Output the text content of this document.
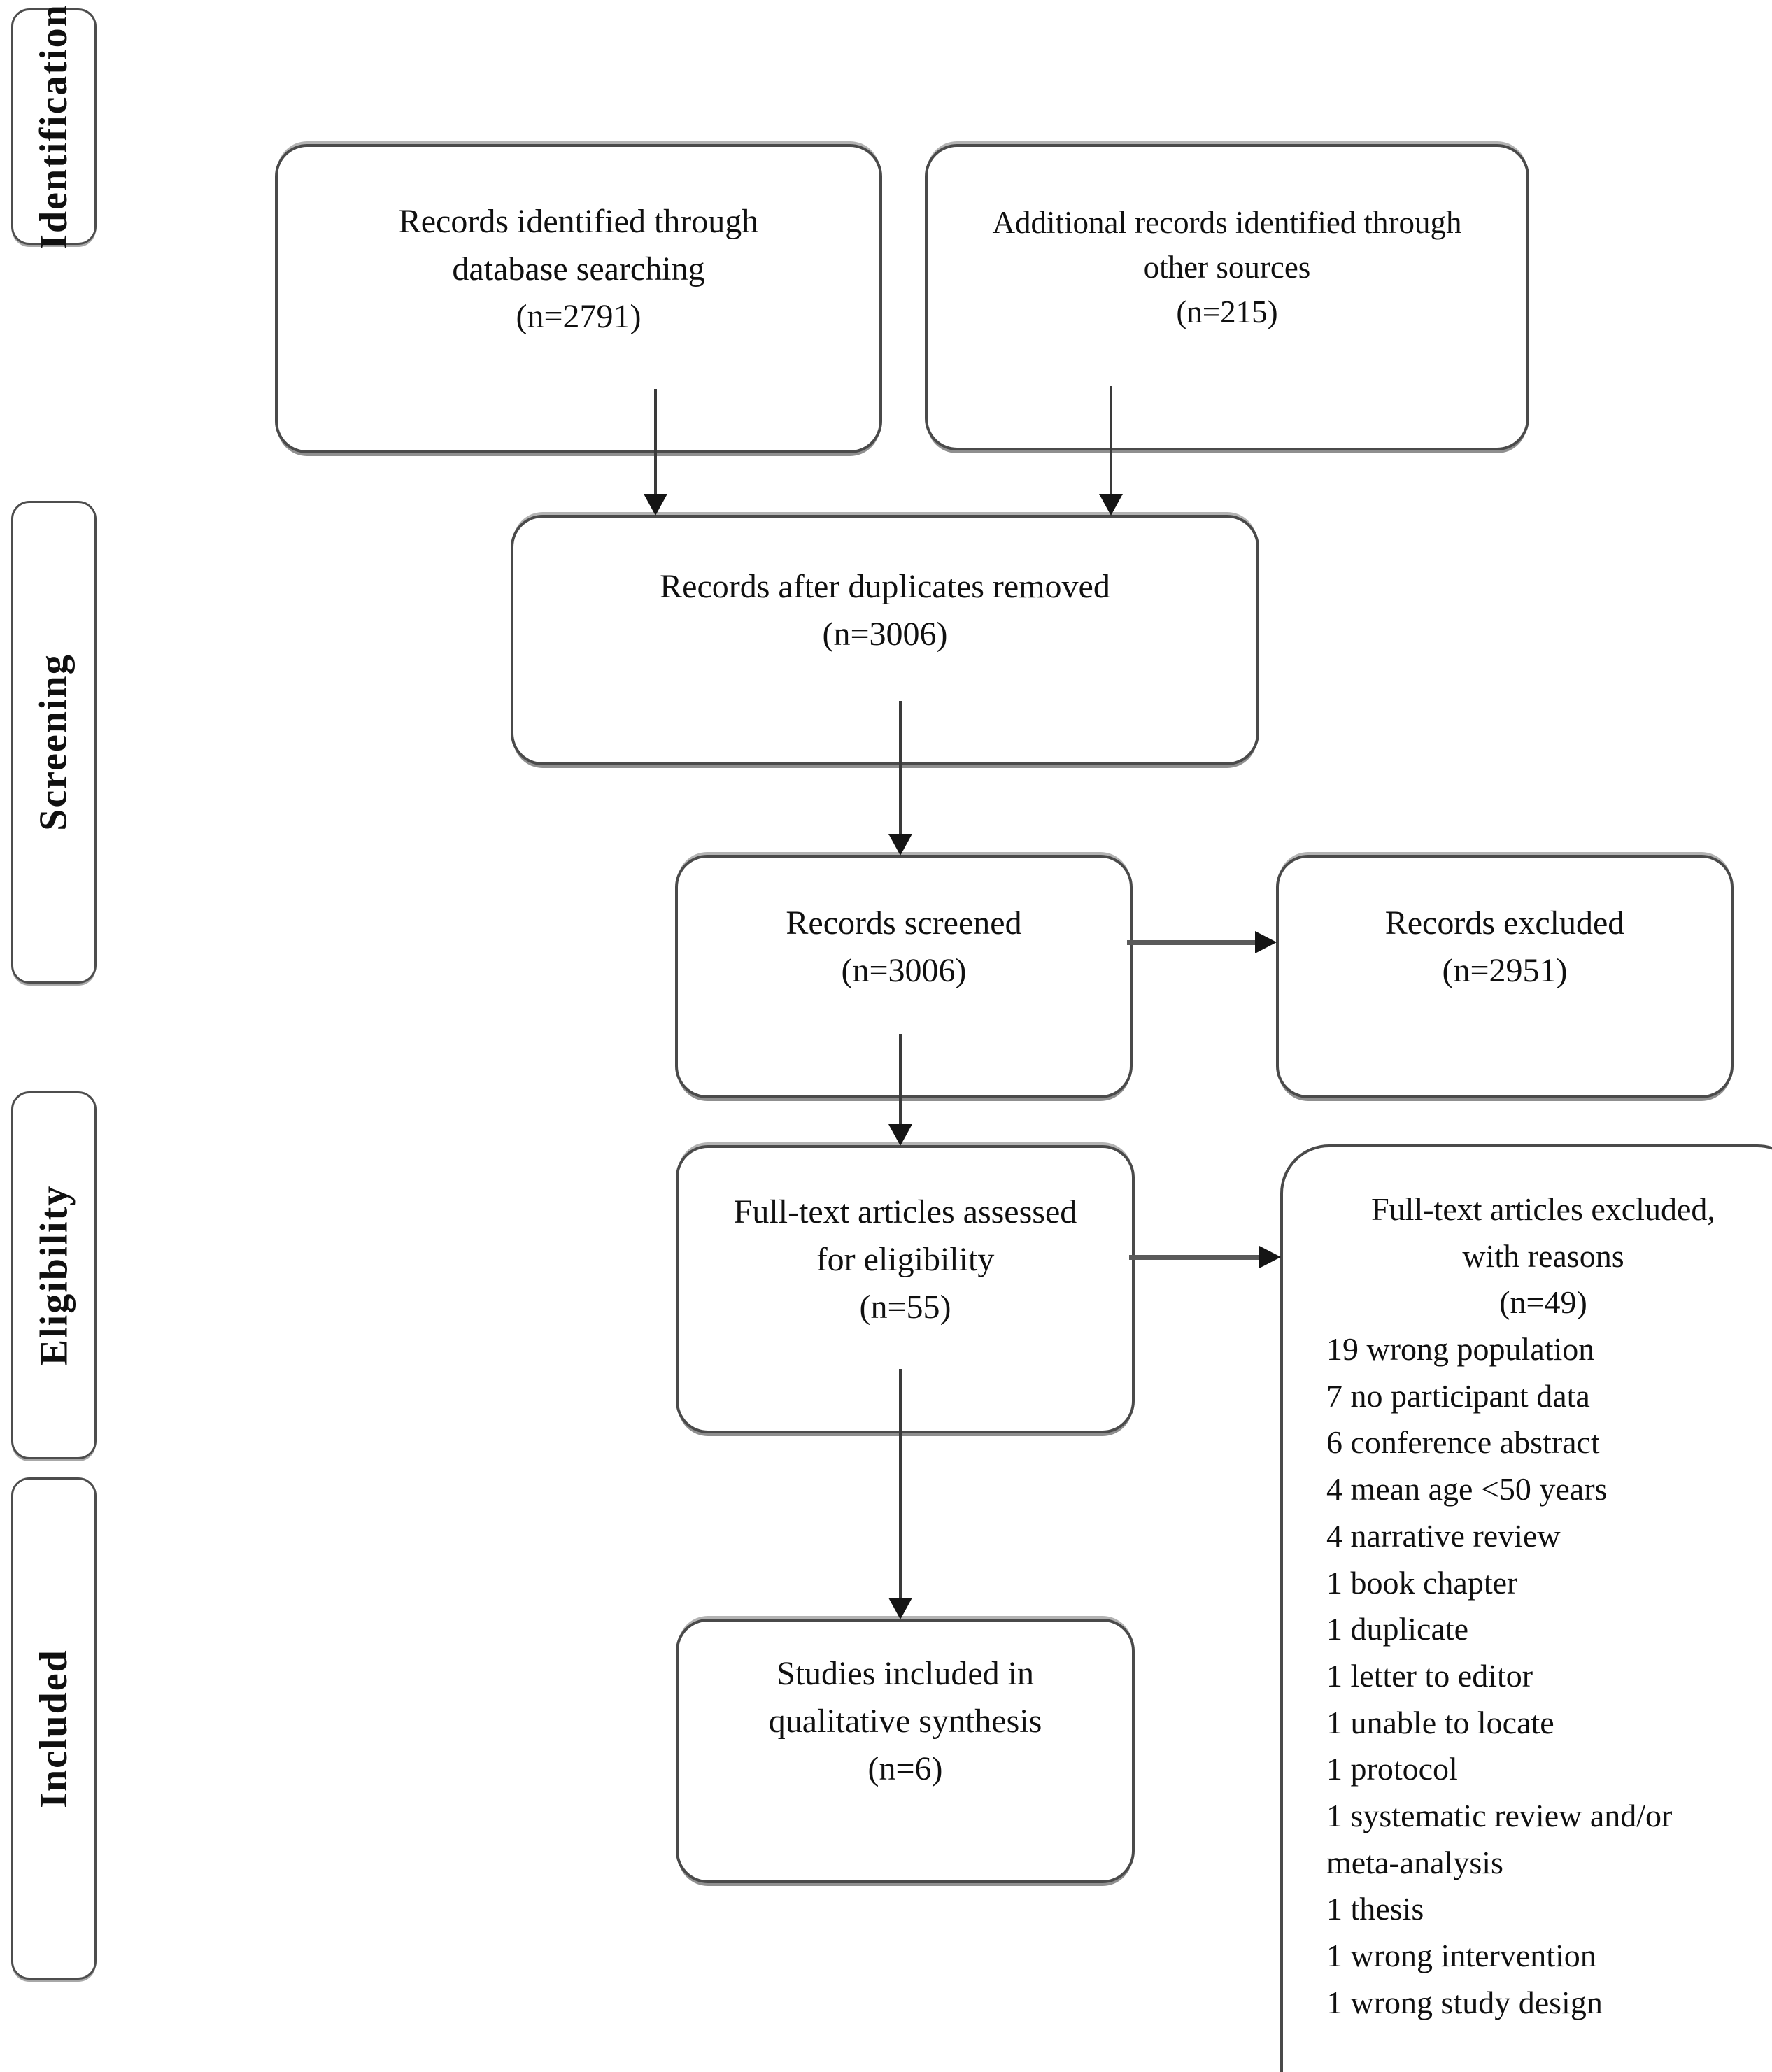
Identification
Screening
Eligibility
Included
Records identified through
database searching
(n=2791)
Additional records identified through
other sources
(n=215)
Records after duplicates removed
(n=3006)
Records screened
(n=3006)
Records excluded
(n=2951)
Full-text articles assessed
for eligibility
(n=55)
Full-text articles excluded,
with reasons
(n=49)
19 wrong population
7 no participant data
6 conference abstract
4 mean age <50 years
4 narrative review
1 book chapter
1 duplicate
1 letter to editor
1 unable to locate
1 protocol
1 systematic review and/or
meta-analysis
1 thesis
1 wrong intervention
1 wrong study design
Studies included in
qualitative synthesis
(n=6)
